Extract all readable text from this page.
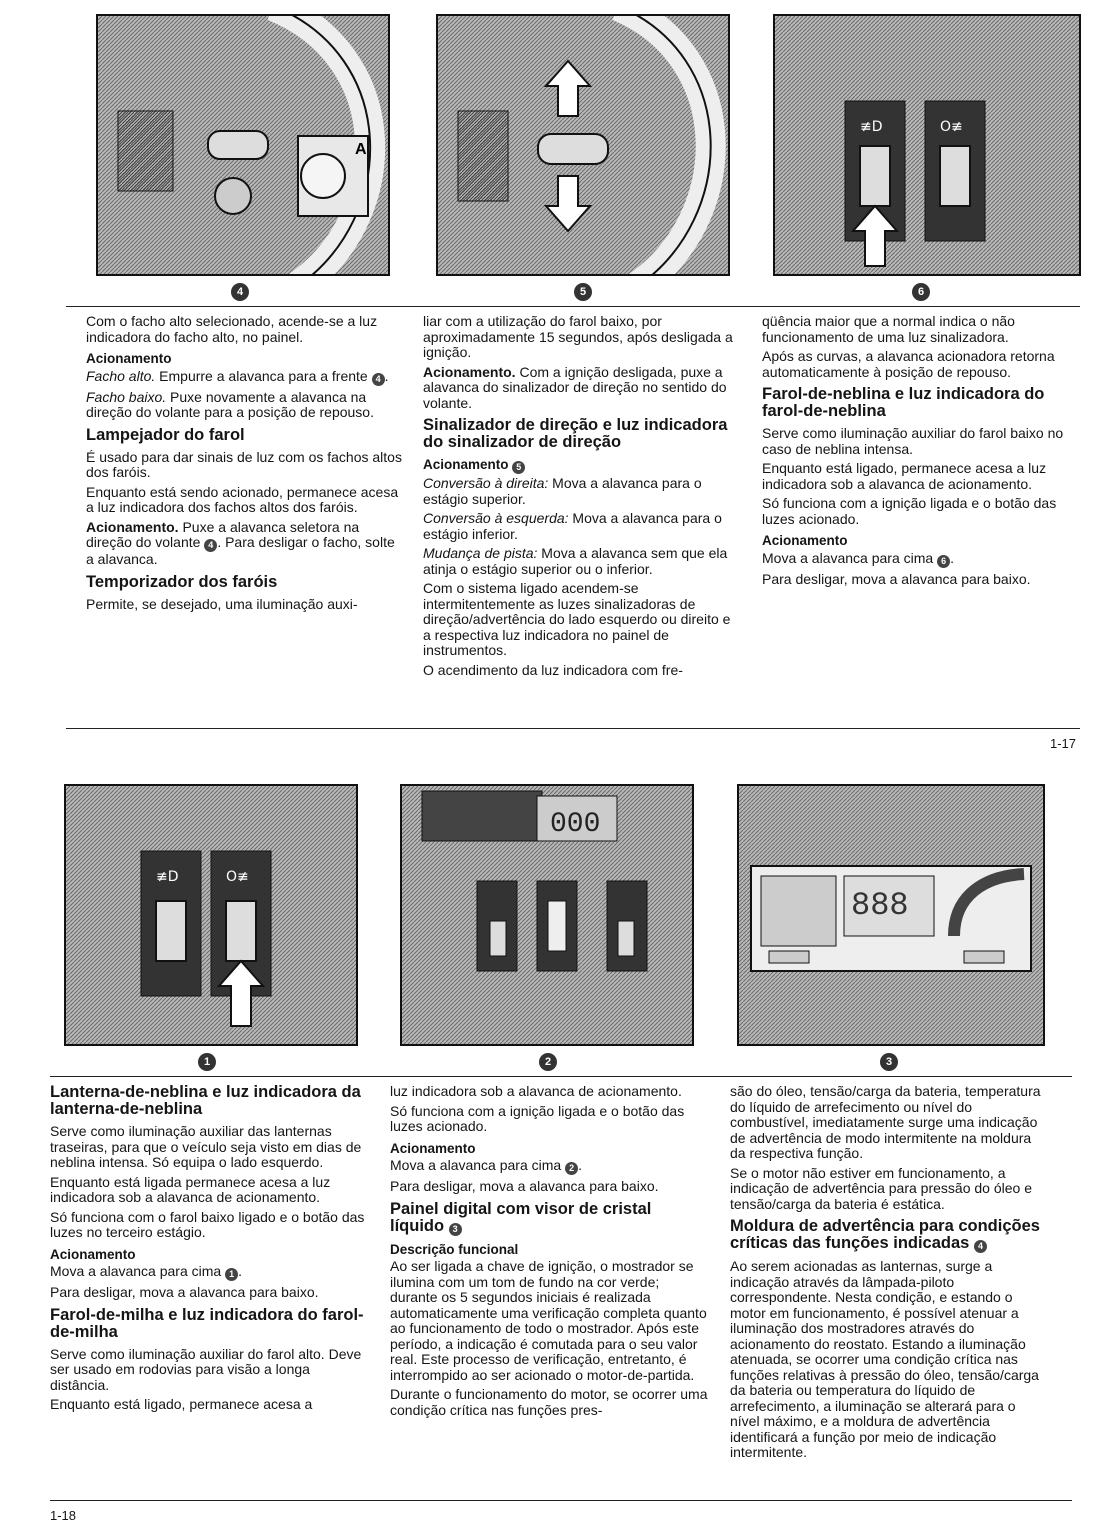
A
≢D	O≢
4	5	6

Com o facho alto selecionado, acende-se a luz indicadora do facho alto, no painel.

Acionamento

Facho alto. Empurre a alavanca para a frente 4 .

Facho baixo. Puxe novamente a alavanca na direção do volante para a posição de repouso.

Lampejador do farol

É usado para dar sinais de luz com os fachos altos dos faróis.

Enquanto está sendo acionado, permanece acesa a luz indicadora dos fachos altos dos faróis.

Acionamento. Puxe a alavanca seletora na direção do volante 4 . Para desligar o facho, solte a alavanca.

Temporizador dos faróis

Permite, se desejado, uma iluminação auxi-

liar com a utilização do farol baixo, por aproximadamente 15 segundos, após desligada a ignição.

Acionamento. Com a ignição desligada, puxe a alavanca do sinalizador de direção no sentido do volante.

Sinalizador de direção e luz indicadora do sinalizador de direção
Acionamento 5

Conversão à direita: Mova a alavanca para o estágio superior.

Conversão à esquerda: Mova a alavanca para o estágio inferior.

Mudança de pista: Mova a alavanca sem que ela atinja o estágio superior ou o inferior.

Com o sistema ligado acendem-se intermitentemente as luzes sinalizadoras de direção/advertência do lado esquerdo ou direito e a respectiva luz indicadora no painel de instrumentos.

O acendimento da luz indicadora com fre-

qüência maior que a normal indica o não funcionamento de uma luz sinalizadora.

Após as curvas, a alavanca acionadora retorna automaticamente à posição de repouso.

Farol-de-neblina e luz indicadora do farol-de-neblina

Serve como iluminação auxiliar do farol baixo no caso de neblina intensa.

Enquanto está ligado, permanece acesa a luz indicadora sob a alavanca de acionamento.

Só funciona com a ignição ligada e o botão das luzes acionado.

Acionamento

Mova a alavanca para cima 6 .

Para desligar, mova a alavanca para baixo.

1-17
≢D	O≢
000
888
1	2	3
Lanterna-de-neblina e luz indicadora da lanterna-de-neblina

Serve como iluminação auxiliar das lanternas traseiras, para que o veículo seja visto em dias de neblina intensa. Só equipa o lado esquerdo.

Enquanto está ligada permanece acesa a luz indicadora sob a alavanca de acionamento.

Só funciona com o farol baixo ligado e o botão das luzes no terceiro estágio.

Acionamento

Mova a alavanca para cima 1 .

Para desligar, mova a alavanca para baixo.

Farol-de-milha e luz indicadora do farol-de-milha

Serve como iluminação auxiliar do farol alto. Deve ser usado em rodovias para visão a longa distância.

Enquanto está ligado, permanece acesa a

luz indicadora sob a alavanca de acionamento.

Só funciona com a ignição ligada e o botão das luzes acionado.

Acionamento

Mova a alavanca para cima 2 .

Para desligar, mova a alavanca para baixo.

Painel digital com visor de cristal líquido 3
Descrição funcional

Ao ser ligada a chave de ignição, o mostrador se ilumina com um tom de fundo na cor verde; durante os 5 segundos iniciais é realizada automaticamente uma verificação completa quanto ao funcionamento de todo o mostrador. Após este período, a indicação é comutada para o seu valor real. Este processo de verificação, entretanto, é interrompido ao ser acionado o motor-de-partida.

Durante o funcionamento do motor, se ocorrer uma condição crítica nas funções pres-

são do óleo, tensão/carga da bateria, temperatura do líquido de arrefecimento ou nível do combustível, imediatamente surge uma indicação de advertência de modo intermitente na moldura da respectiva função.

Se o motor não estiver em funcionamento, a indicação de advertência para pressão do óleo e tensão/carga da bateria é estática.

Moldura de advertência para condições críticas das funções indicadas 4

Ao serem acionadas as lanternas, surge a indicação através da lâmpada-piloto correspondente. Nesta condição, e estando o motor em funcionamento, é possível atenuar a iluminação dos mostradores através do acionamento do reostato. Estando a iluminação atenuada, se ocorrer uma condição crítica nas funções relativas à pressão do óleo, tensão/carga da bateria ou temperatura do líquido de arrefecimento, a iluminação se alterará para o nível máximo, e a moldura de advertência identificará a função por meio de indicação intermitente.

1-18
